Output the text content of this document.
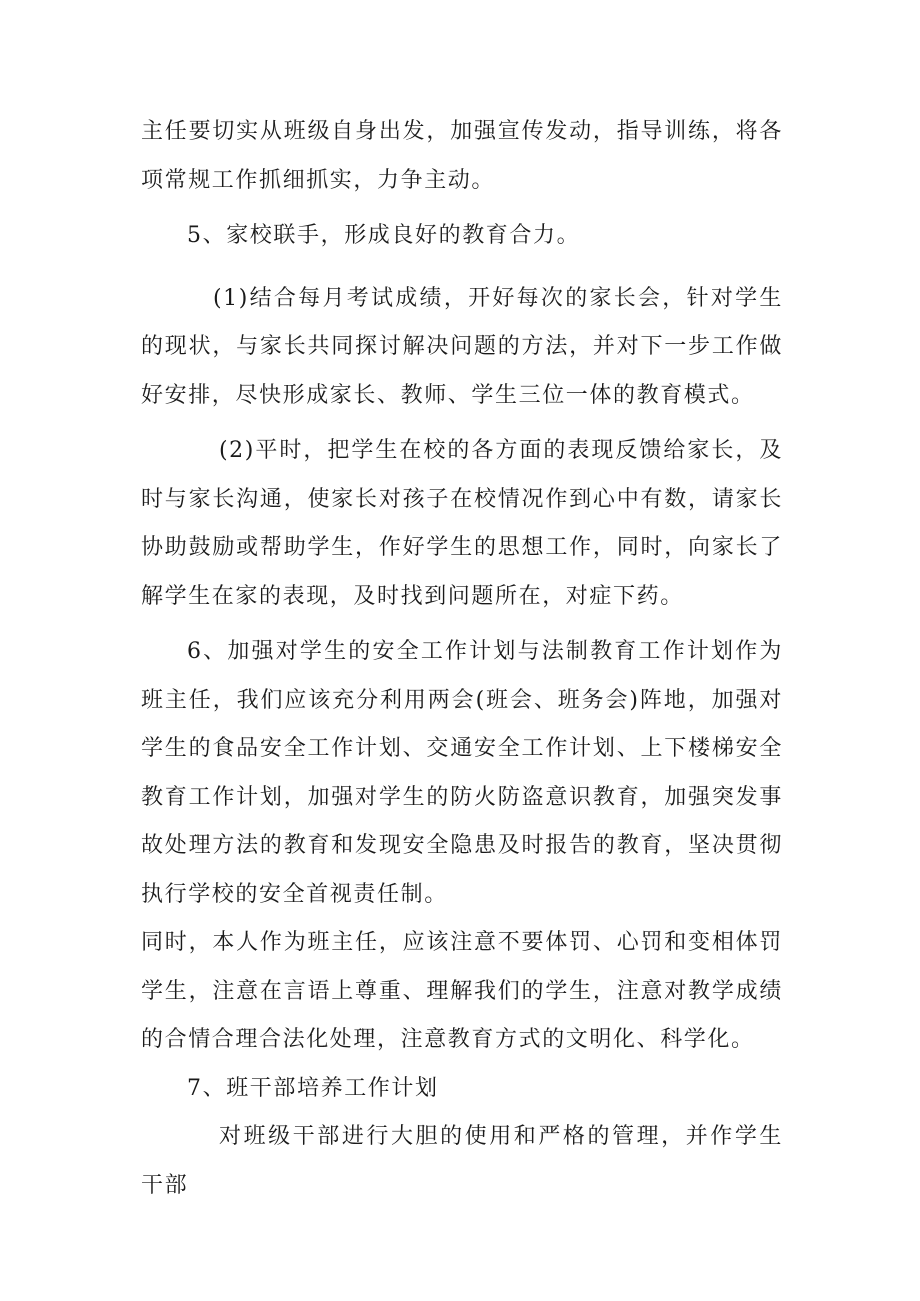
主任要切实从班级自身出发，加强宣传发动，指导训练，将各项常规工作抓细抓实，力争主动。

5、家校联手，形成良好的教育合力。

(1)结合每月考试成绩，开好每次的家长会，针对学生的现状，与家长共同探讨解决问题的方法，并对下一步工作做好安排，尽快形成家长、教师、学生三位一体的教育模式。

(2)平时，把学生在校的各方面的表现反馈给家长，及时与家长沟通，使家长对孩子在校情况作到心中有数，请家长协助鼓励或帮助学生，作好学生的思想工作，同时，向家长了解学生在家的表现，及时找到问题所在，对症下药。

6、加强对学生的安全工作计划与法制教育工作计划作为班主任，我们应该充分利用两会(班会、班务会)阵地，加强对学生的食品安全工作计划、交通安全工作计划、上下楼梯安全教育工作计划，加强对学生的防火防盗意识教育，加强突发事故处理方法的教育和发现安全隐患及时报告的教育，坚决贯彻执行学校的安全首视责任制。

同时，本人作为班主任，应该注意不要体罚、心罚和变相体罚学生，注意在言语上尊重、理解我们的学生，注意对教学成绩的合情合理合法化处理，注意教育方式的文明化、科学化。

7、班干部培养工作计划

对班级干部进行大胆的使用和严格的管理，并作学生干部
